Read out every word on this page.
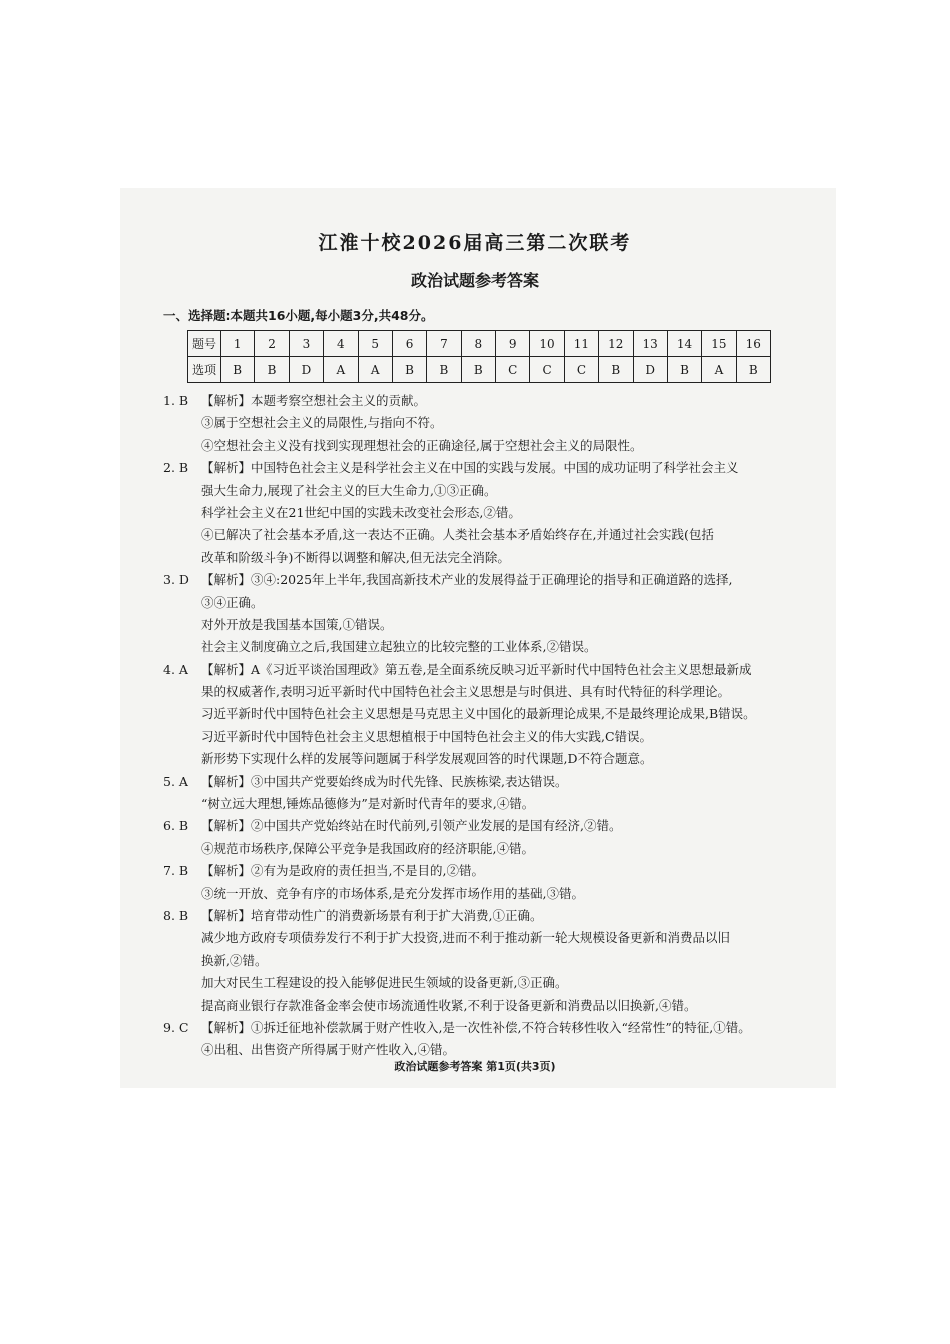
江淮十校2026届高三第二次联考
政治试题参考答案
一、选择题:本题共16小题,每小题3分,共48分。
题号	1	2	3	4	5	6	7	8	9	10	11	12	13	14	15	16
选项	B	B	D	A	A	B	B	B	C	C	C	B	D	B	A	B
1. B 【解析】本题考察空想社会主义的贡献。
③属于空想社会主义的局限性,与指向不符。
④空想社会主义没有找到实现理想社会的正确途径,属于空想社会主义的局限性。
2. B 【解析】中国特色社会主义是科学社会主义在中国的实践与发展。中国的成功证明了科学社会主义
强大生命力,展现了社会主义的巨大生命力,①③正确。
科学社会主义在21世纪中国的实践未改变社会形态,②错。
④已解决了社会基本矛盾,这一表达不正确。人类社会基本矛盾始终存在,并通过社会实践(包括
改革和阶级斗争)不断得以调整和解决,但无法完全消除。
3. D 【解析】③④:2025年上半年,我国高新技术产业的发展得益于正确理论的指导和正确道路的选择,
③④正确。
对外开放是我国基本国策,①错误。
社会主义制度确立之后,我国建立起独立的比较完整的工业体系,②错误。
4. A 【解析】A《习近平谈治国理政》第五卷,是全面系统反映习近平新时代中国特色社会主义思想最新成
果的权威著作,表明习近平新时代中国特色社会主义思想是与时俱进、具有时代特征的科学理论。
习近平新时代中国特色社会主义思想是马克思主义中国化的最新理论成果,不是最终理论成果,B错误。
习近平新时代中国特色社会主义思想植根于中国特色社会主义的伟大实践,C错误。
新形势下实现什么样的发展等问题属于科学发展观回答的时代课题,D不符合题意。
5. A 【解析】③中国共产党要始终成为时代先锋、民族栋梁,表达错误。
“树立远大理想,锤炼品德修为”是对新时代青年的要求,④错。
6. B 【解析】②中国共产党始终站在时代前列,引领产业发展的是国有经济,②错。
④规范市场秩序,保障公平竞争是我国政府的经济职能,④错。
7. B 【解析】②有为是政府的责任担当,不是目的,②错。
③统一开放、竞争有序的市场体系,是充分发挥市场作用的基础,③错。
8. B 【解析】培育带动性广的消费新场景有利于扩大消费,①正确。
减少地方政府专项债券发行不利于扩大投资,进而不利于推动新一轮大规模设备更新和消费品以旧
换新,②错。
加大对民生工程建设的投入能够促进民生领域的设备更新,③正确。
提高商业银行存款准备金率会使市场流通性收紧,不利于设备更新和消费品以旧换新,④错。
9. C 【解析】①拆迁征地补偿款属于财产性收入,是一次性补偿,不符合转移性收入“经常性”的特征,①错。
④出租、出售资产所得属于财产性收入,④错。
政治试题参考答案 第1页(共3页)
